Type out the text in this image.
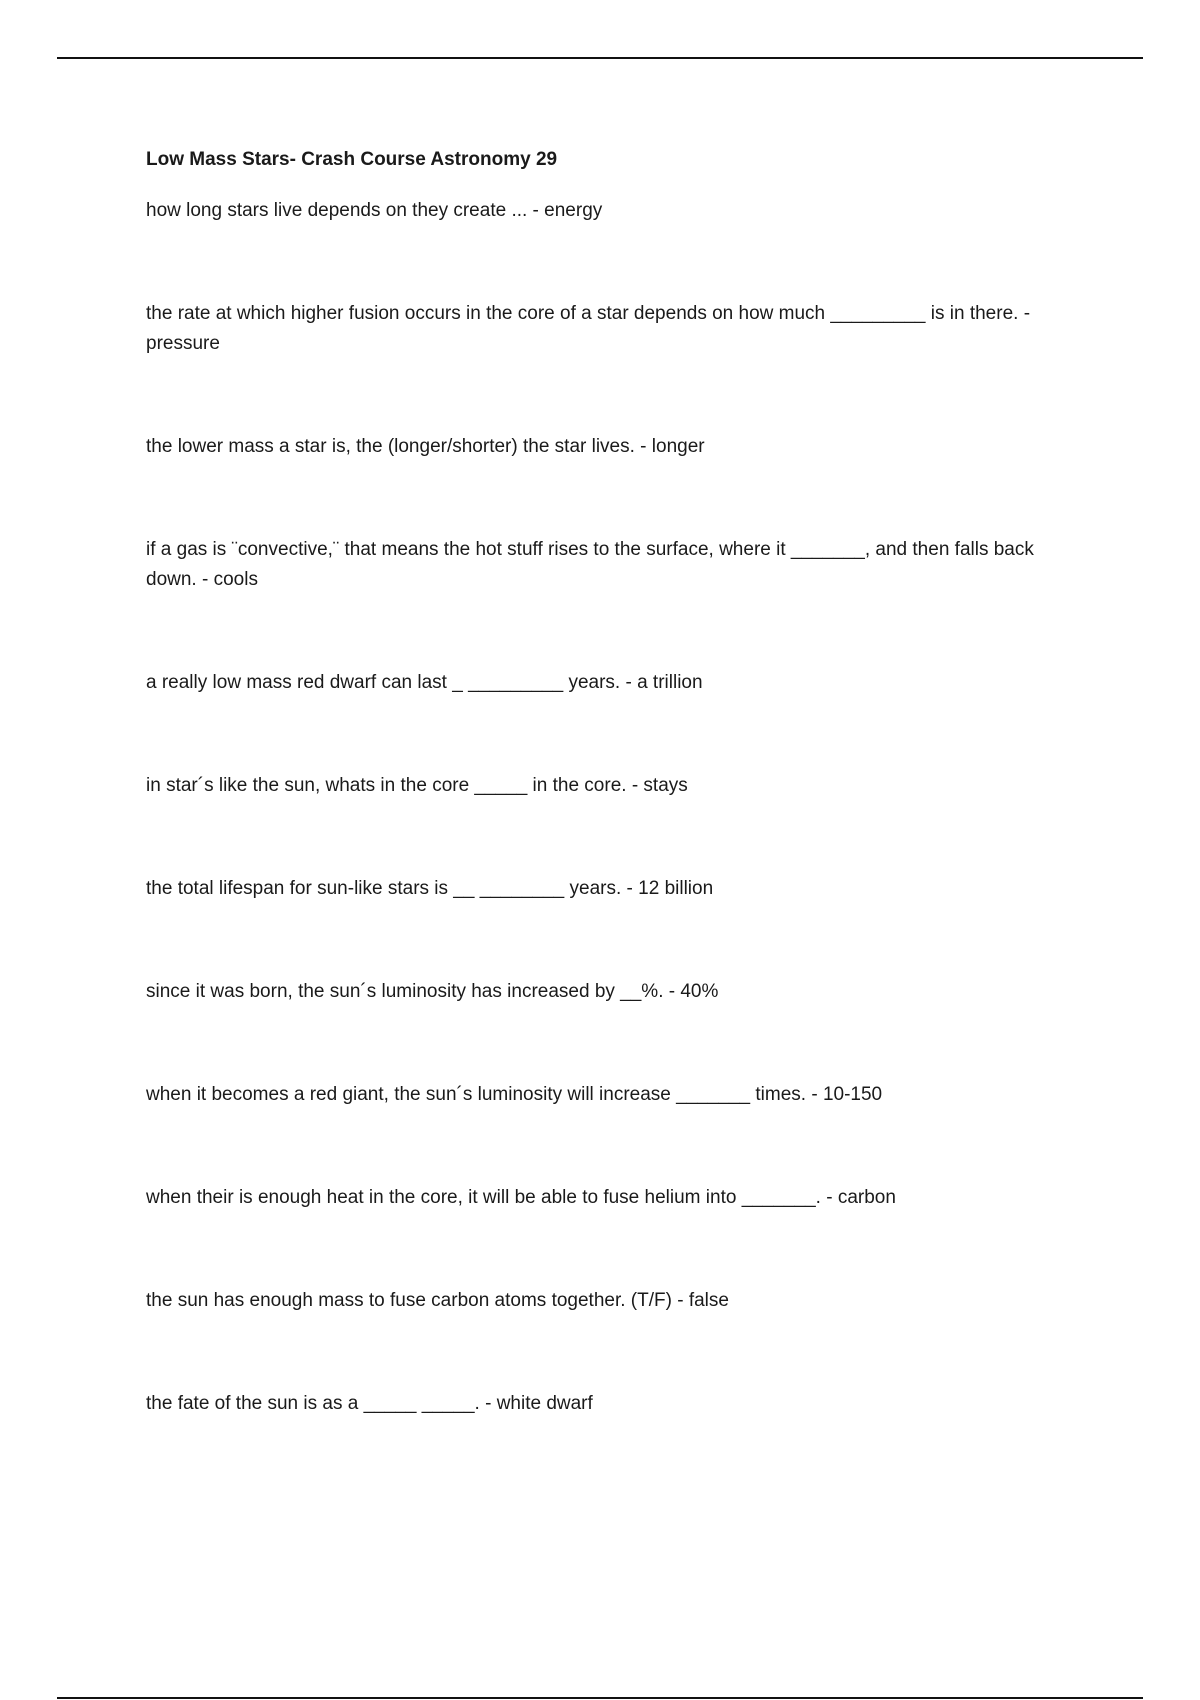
Low Mass Stars- Crash Course Astronomy 29
how long stars live depends on they create ... - energy
the rate at which higher fusion occurs in the core of a star depends on how much _________ is in there. - pressure
the lower mass a star is, the (longer/shorter) the star lives. - longer
if a gas is ¨convective,¨ that means the hot stuff rises to the surface, where it _______, and then falls back down. - cools
a really low mass red dwarf can last _ _________ years. - a trillion
in star´s like the sun, whats in the core _____ in the core. - stays
the total lifespan for sun-like stars is __ ________ years. - 12 billion
since it was born, the sun´s luminosity has increased by __%. - 40%
when it becomes a red giant, the sun´s luminosity will increase _______ times. - 10-150
when their is enough heat in the core, it will be able to fuse helium into _______. - carbon
the sun has enough mass to fuse carbon atoms together. (T/F) - false
the fate of the sun is as a _____ _____. - white dwarf
